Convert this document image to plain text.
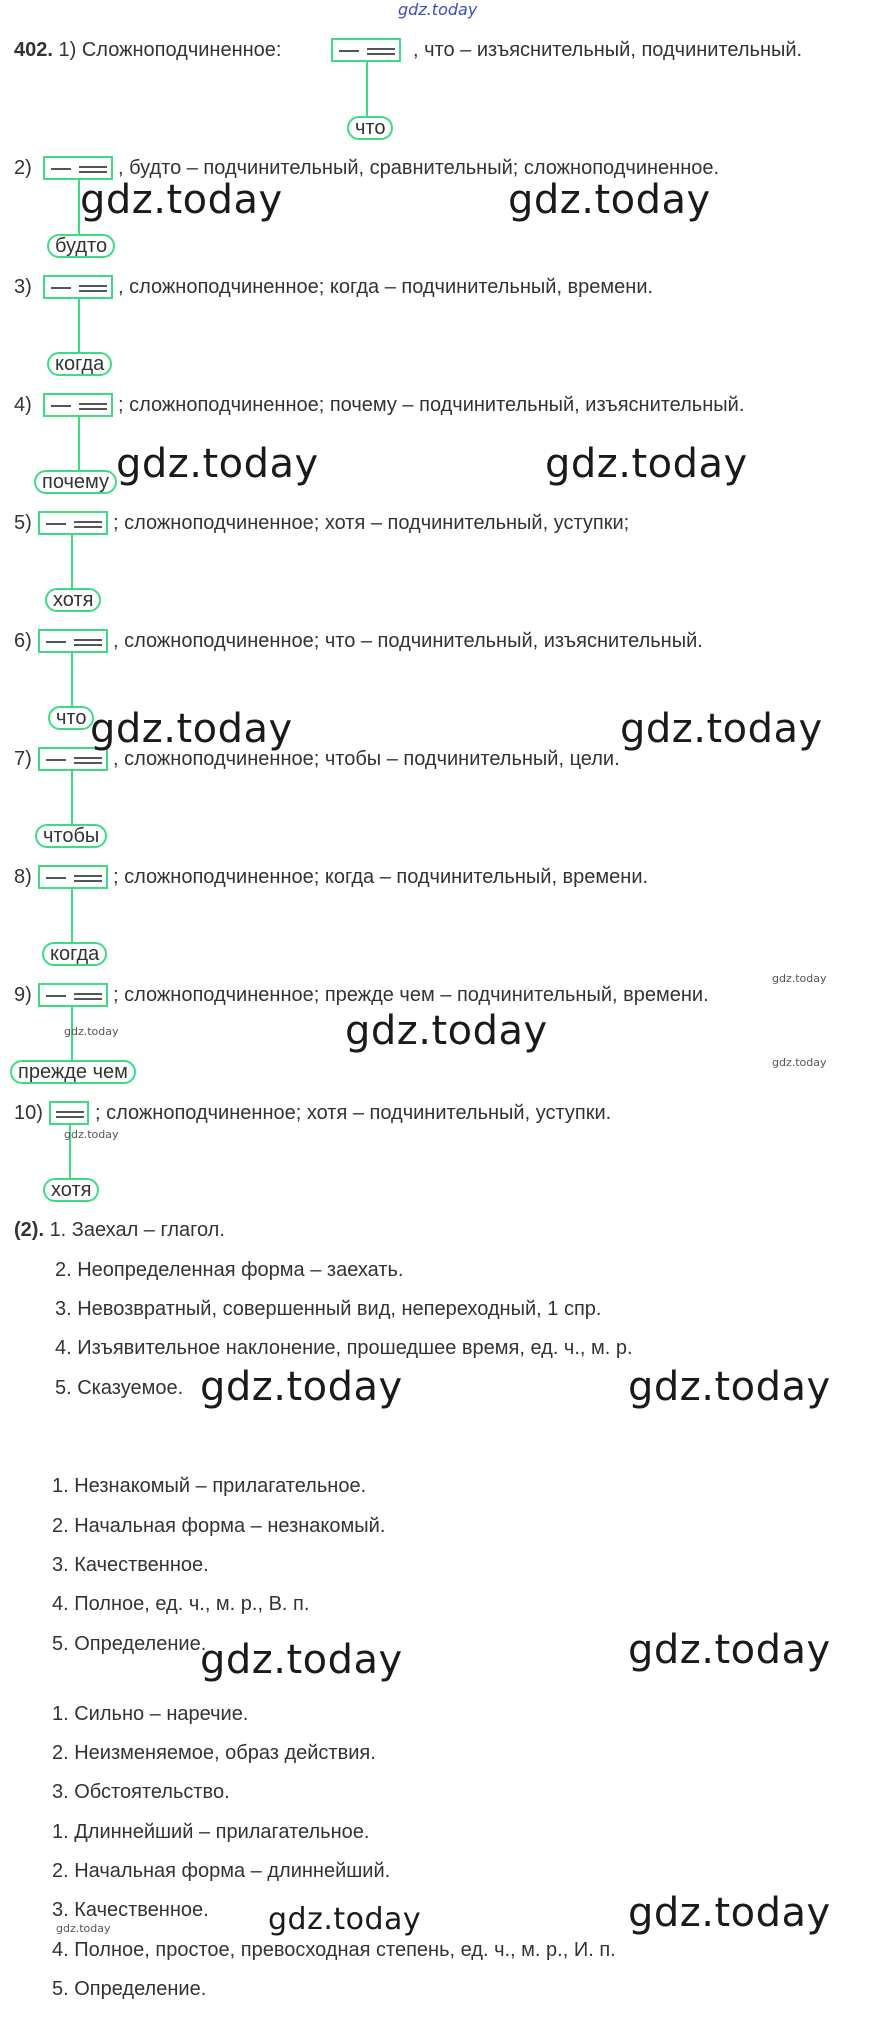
gdz.today
402. 1) Сложноподчиненное:	, что – изъяснительный, подчинительный.
что
2)	, будто – подчинительный, сравнительный; сложноподчиненное.
будто
3)	, сложноподчиненное; когда – подчинительный, времени.
когда
4)	; сложноподчиненное; почему – подчинительный, изъяснительный.
почему
5)	; сложноподчиненное; хотя – подчинительный, уступки;
хотя
6)	, сложноподчиненное; что – подчинительный, изъяснительный.
что
7)	, сложноподчиненное; чтобы – подчинительный, цели.
чтобы
8)	; сложноподчиненное; когда – подчинительный, времени.
когда
9)	; сложноподчиненное; прежде чем – подчинительный, времени.
прежде чем
10)	; сложноподчиненное; хотя – подчинительный, уступки.
хотя
(2). 1. Заехал – глагол.
2. Неопределенная форма – заехать.
3. Невозвратный, совершенный вид, непереходный, 1 спр.
4. Изъявительное наклонение, прошедшее время, ед. ч., м. р.
5. Сказуемое.
1. Незнакомый – прилагательное.
2. Начальная форма – незнакомый.
3. Качественное.
4. Полное, ед. ч., м. р., В. п.
5. Определение.
1. Сильно – наречие.
2. Неизменяемое, образ действия.
3. Обстоятельство.
1. Длиннейший – прилагательное.
2. Начальная форма – длиннейший.
3. Качественное.
4. Полное, простое, превосходная степень, ед. ч., м. р., И. п.
5. Определение.
gdz.today	gdz.today
gdz.today	gdz.today
gdz.today	gdz.today
gdz.today
gdz.today	gdz.today
gdz.today	gdz.today
gdz.today	gdz.today
gdz.today
gdz.today
gdz.today
gdz.today
gdz.today
